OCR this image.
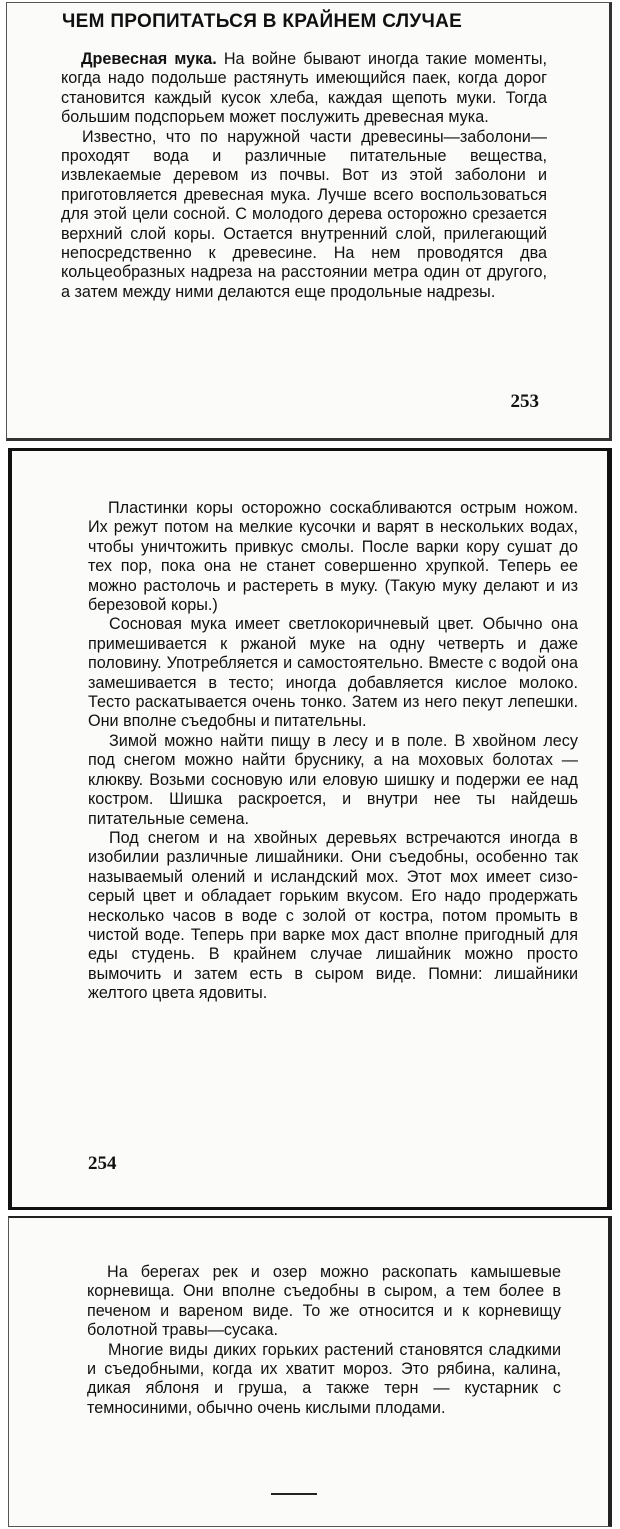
ЧЕМ ПРОПИТАТЬСЯ В КРАЙНЕМ СЛУЧАЕ

Древесная мука. На войне бывают иногда такие моменты, когда надо подольше растянуть имеющийся паек, когда дорог становится каждый кусок хлеба, каждая щепоть муки. Тогда большим подспорьем может послужить древесная мука.

Известно, что по наружной части древесины—заболони—проходят вода и различные питательные вещества, извлекаемые деревом из почвы. Вот из этой заболони и приготовляется древесная мука. Лучше всего воспользоваться для этой цели сосной. С молодого дерева осторожно срезается верхний слой коры. Остается внутренний слой, прилегающий непосредственно к древесине. На нем проводятся два кольцеобразных надреза на расстоянии метра один от другого, а затем между ними делаются еще продольные надрезы.

253

Пластинки коры осторожно соскабливаются острым ножом. Их режут потом на мелкие кусочки и варят в нескольких водах, чтобы уничтожить привкус смолы. После варки кору сушат до тех пор, пока она не станет совершенно хрупкой. Теперь ее можно растолочь и растереть в муку. (Такую муку делают и из березовой коры.)

Сосновая мука имеет светлокоричневый цвет. Обычно она примешивается к ржаной муке на одну четверть и даже половину. Употребляется и самостоятельно. Вместе с водой она замешивается в тесто; иногда добавляется кислое молоко. Тесто раскатывается очень тонко. Затем из него пекут лепешки. Они вполне съедобны и питательны.

Зимой можно найти пищу в лесу и в поле. В хвойном лесу под снегом можно найти бруснику, а на моховых болотах — клюкву. Возьми сосновую или еловую шишку и подержи ее над костром. Шишка раскроется, и внутри нее ты найдешь питательные семена.

Под снегом и на хвойных деревьях встречаются иногда в изобилии различные лишайники. Они съедобны, особенно так называемый олений и исландский мох. Этот мох имеет сизо-серый цвет и обладает горьким вкусом. Его надо продержать несколько часов в воде с золой от костра, потом промыть в чистой воде. Теперь при варке мох даст вполне пригодный для еды студень. В крайнем случае лишайник можно просто вымочить и затем есть в сыром виде. Помни: лишайники желтого цвета ядовиты.

254

На берегах рек и озер можно раскопать камышевые корневища. Они вполне съедобны в сыром, а тем более в печеном и вареном виде. То же относится и к корневищу болотной травы—сусака.

Многие виды диких горьких растений становятся сладкими и съедобными, когда их хватит мороз. Это рябина, калина, дикая яблоня и груша, а также терн — кустарник с темносиними, обычно очень кислыми плодами.
